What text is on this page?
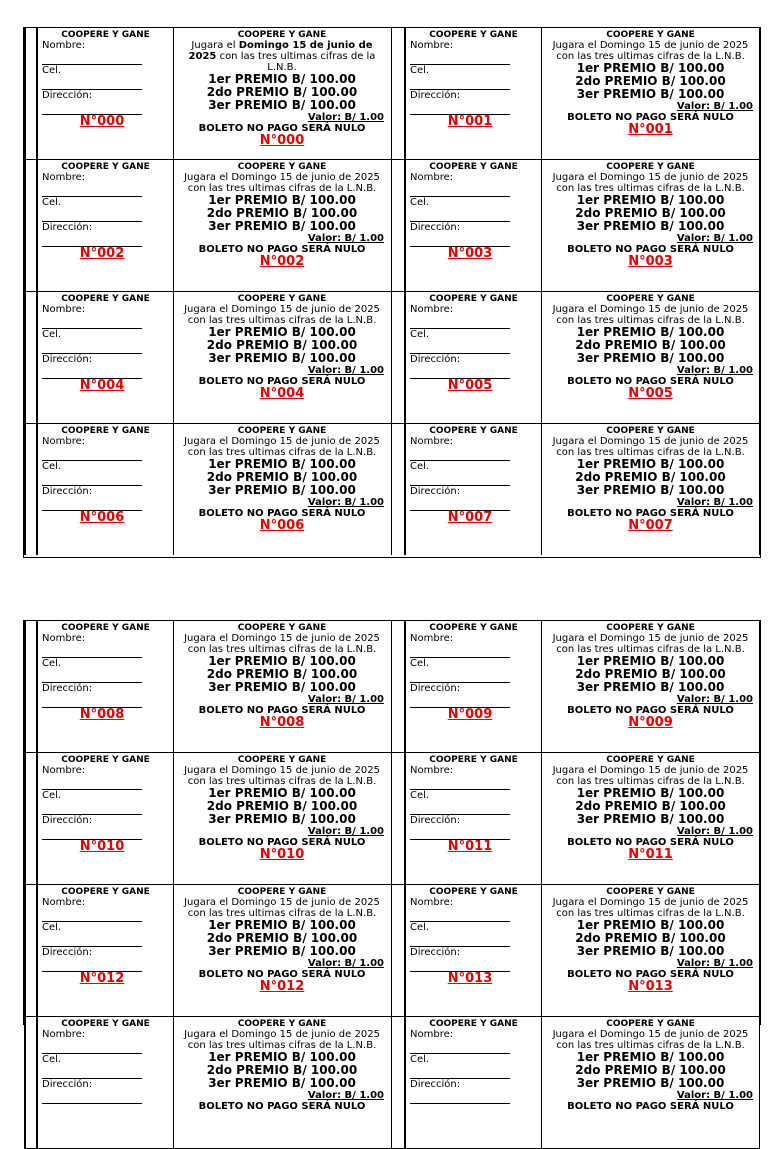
COOPERE Y GANE
Nombre:
Cel.
Dirección:
N°000
COOPERE Y GANE
Jugara el Domingo 15 de junio de 2025 con las tres ultimas cifras de la L.N.B.
1er PREMIO B/ 100.00
2do PREMIO B/ 100.00
3er PREMIO B/ 100.00
Valor: B/ 1.00
BOLETO NO PAGO SERÁ NULO
N°000
COOPERE Y GANE
Nombre:
Cel.
Dirección:
N°001
COOPERE Y GANE
Jugara el Domingo 15 de junio de 2025 con las tres ultimas cifras de la L.N.B.
1er PREMIO B/ 100.00
2do PREMIO B/ 100.00
3er PREMIO B/ 100.00
Valor: B/ 1.00
BOLETO NO PAGO SERÁ NULO
N°001
COOPERE Y GANE
Nombre:
Cel.
Dirección:
N°002
COOPERE Y GANE
Jugara el Domingo 15 de junio de 2025 con las tres ultimas cifras de la L.N.B.
1er PREMIO B/ 100.00
2do PREMIO B/ 100.00
3er PREMIO B/ 100.00
Valor: B/ 1.00
BOLETO NO PAGO SERÁ NULO
N°002
COOPERE Y GANE
Nombre:
Cel.
Dirección:
N°003
COOPERE Y GANE
Jugara el Domingo 15 de junio de 2025 con las tres ultimas cifras de la L.N.B.
1er PREMIO B/ 100.00
2do PREMIO B/ 100.00
3er PREMIO B/ 100.00
Valor: B/ 1.00
BOLETO NO PAGO SERÁ NULO
N°003
COOPERE Y GANE
Nombre:
Cel.
Dirección:
N°004
COOPERE Y GANE
Jugara el Domingo 15 de junio de 2025 con las tres ultimas cifras de la L.N.B.
1er PREMIO B/ 100.00
2do PREMIO B/ 100.00
3er PREMIO B/ 100.00
Valor: B/ 1.00
BOLETO NO PAGO SERÁ NULO
N°004
COOPERE Y GANE
Nombre:
Cel.
Dirección:
N°005
COOPERE Y GANE
Jugara el Domingo 15 de junio de 2025 con las tres ultimas cifras de la L.N.B.
1er PREMIO B/ 100.00
2do PREMIO B/ 100.00
3er PREMIO B/ 100.00
Valor: B/ 1.00
BOLETO NO PAGO SERÁ NULO
N°005
COOPERE Y GANE
Nombre:
Cel.
Dirección:
N°006
COOPERE Y GANE
Jugara el Domingo 15 de junio de 2025 con las tres ultimas cifras de la L.N.B.
1er PREMIO B/ 100.00
2do PREMIO B/ 100.00
3er PREMIO B/ 100.00
Valor: B/ 1.00
BOLETO NO PAGO SERÁ NULO
N°006
COOPERE Y GANE
Nombre:
Cel.
Dirección:
N°007
COOPERE Y GANE
Jugara el Domingo 15 de junio de 2025 con las tres ultimas cifras de la L.N.B.
1er PREMIO B/ 100.00
2do PREMIO B/ 100.00
3er PREMIO B/ 100.00
Valor: B/ 1.00
BOLETO NO PAGO SERÁ NULO
N°007
COOPERE Y GANE
Nombre:
Cel.
Dirección:
N°008
COOPERE Y GANE
Jugara el Domingo 15 de junio de 2025 con las tres ultimas cifras de la L.N.B.
1er PREMIO B/ 100.00
2do PREMIO B/ 100.00
3er PREMIO B/ 100.00
Valor: B/ 1.00
BOLETO NO PAGO SERÁ NULO
N°008
COOPERE Y GANE
Nombre:
Cel.
Dirección:
N°009
COOPERE Y GANE
Jugara el Domingo 15 de junio de 2025 con las tres ultimas cifras de la L.N.B.
1er PREMIO B/ 100.00
2do PREMIO B/ 100.00
3er PREMIO B/ 100.00
Valor: B/ 1.00
BOLETO NO PAGO SERÁ NULO
N°009
COOPERE Y GANE
Nombre:
Cel.
Dirección:
N°010
COOPERE Y GANE
Jugara el Domingo 15 de junio de 2025 con las tres ultimas cifras de la L.N.B.
1er PREMIO B/ 100.00
2do PREMIO B/ 100.00
3er PREMIO B/ 100.00
Valor: B/ 1.00
BOLETO NO PAGO SERÁ NULO
N°010
COOPERE Y GANE
Nombre:
Cel.
Dirección:
N°011
COOPERE Y GANE
Jugara el Domingo 15 de junio de 2025 con las tres ultimas cifras de la L.N.B.
1er PREMIO B/ 100.00
2do PREMIO B/ 100.00
3er PREMIO B/ 100.00
Valor: B/ 1.00
BOLETO NO PAGO SERÁ NULO
N°011
COOPERE Y GANE
Nombre:
Cel.
Dirección:
N°012
COOPERE Y GANE
Jugara el Domingo 15 de junio de 2025 con las tres ultimas cifras de la L.N.B.
1er PREMIO B/ 100.00
2do PREMIO B/ 100.00
3er PREMIO B/ 100.00
Valor: B/ 1.00
BOLETO NO PAGO SERÁ NULO
N°012
COOPERE Y GANE
Nombre:
Cel.
Dirección:
N°013
COOPERE Y GANE
Jugara el Domingo 15 de junio de 2025 con las tres ultimas cifras de la L.N.B.
1er PREMIO B/ 100.00
2do PREMIO B/ 100.00
3er PREMIO B/ 100.00
Valor: B/ 1.00
BOLETO NO PAGO SERÁ NULO
N°013
COOPERE Y GANE
Nombre:
Cel.
Dirección:
COOPERE Y GANE
Jugara el Domingo 15 de junio de 2025 con las tres ultimas cifras de la L.N.B.
1er PREMIO B/ 100.00
2do PREMIO B/ 100.00
3er PREMIO B/ 100.00
Valor: B/ 1.00
BOLETO NO PAGO SERÁ NULO
COOPERE Y GANE
Nombre:
Cel.
Dirección:
COOPERE Y GANE
Jugara el Domingo 15 de junio de 2025 con las tres ultimas cifras de la L.N.B.
1er PREMIO B/ 100.00
2do PREMIO B/ 100.00
3er PREMIO B/ 100.00
Valor: B/ 1.00
BOLETO NO PAGO SERÁ NULO
